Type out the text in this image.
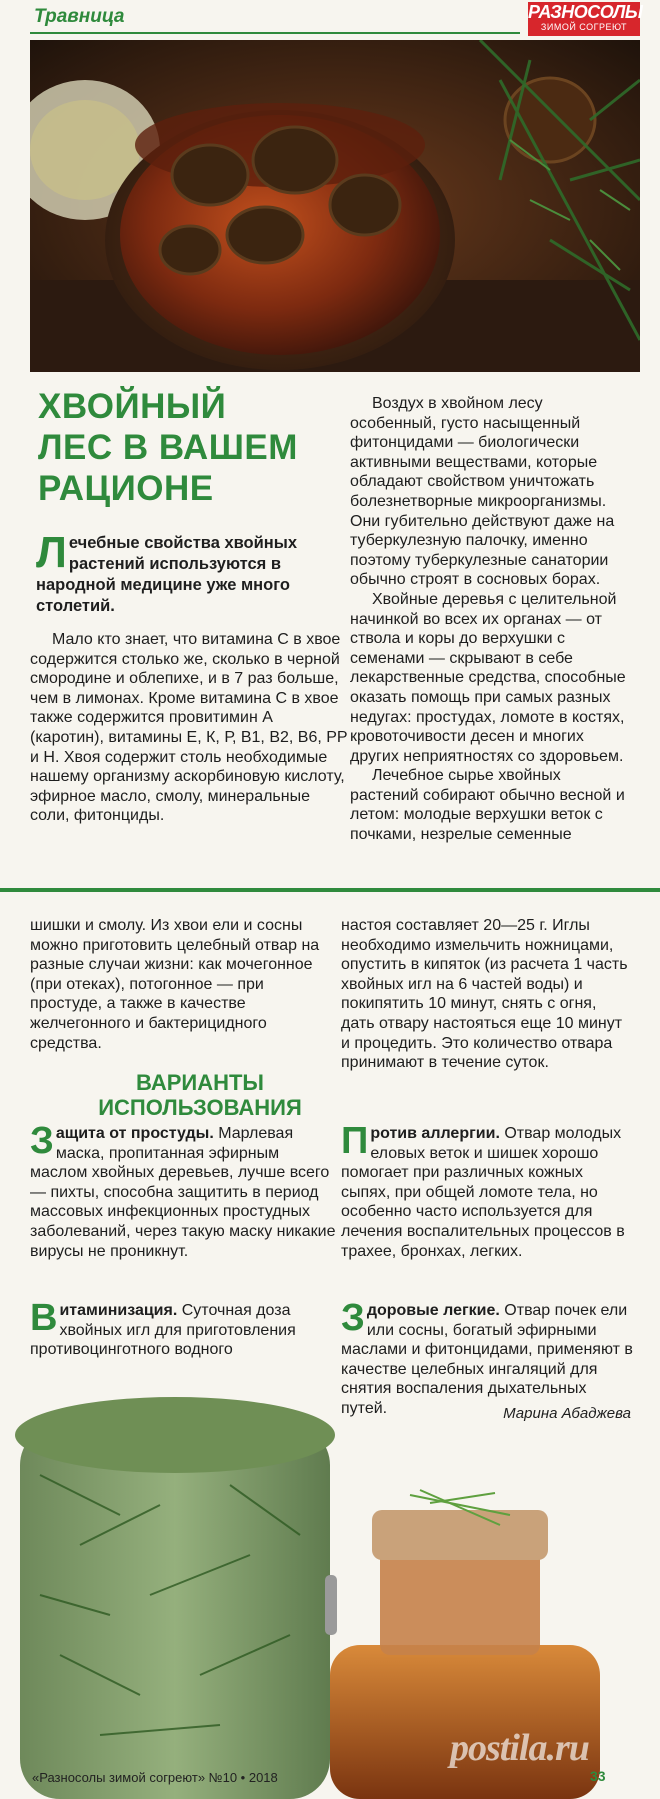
Травница	РАЗНОСОЛЫ
ЗИМОЙ СОГРЕЮТ
ХВОЙНЫЙ
ЛЕС В ВАШЕМ
РАЦИОНЕ
Лечебные свойства хвойных растений используются в народной медицине уже много столетий.

Мало кто знает, что витамина С в хвое содержится столько же, сколько в черной смородине и облепихе, и в 7 раз больше, чем в лимонах. Кроме витамина С в хвое также содержится провитимин А (каротин), витамины Е, К, Р, В1, В2, В6, РР и Н. Хвоя содержит столь необходимые нашему организму аскорбиновую кислоту, эфирное масло, смолу, минеральные соли, фитонциды.

Воздух в хвойном лесу особенный, густо насыщенный фитонцидами — биологически активными веществами, которые обладают свойством уничтожать болезнетворные микроорганизмы. Они губительно действуют даже на туберкулезную палочку, именно поэтому туберкулезные санатории обычно строят в сосновых борах.

Хвойные деревья с целительной начинкой во всех их органах — от ствола и коры до верхушки с семенами — скрывают в себе лекарственные средства, способные оказать помощь при самых разных недугах: простудах, ломоте в костях, кровоточивости десен и многих других неприятностях со здоровьем.

Лечебное сырье хвойных растений собирают обычно весной и летом: молодые верхушки веток с почками, незрелые семенные

шишки и смолу. Из хвои ели и сосны можно приготовить целебный отвар на разные случаи жизни: как мочегонное (при отеках), потогонное — при простуде, а также в качестве желчегонного и бактерицидного средства.

настоя составляет 20—25 г. Иглы необходимо измельчить ножницами, опустить в кипяток (из расчета 1 часть хвойных игл на 6 частей воды) и покипятить 10 минут, снять с огня, дать отвару настояться еще 10 минут и процедить. Это количество отвара принимают в течение суток.

ВАРИАНТЫ ИСПОЛЬЗОВАНИЯ
Защита от простуды. Марлевая маска, пропитанная эфирным маслом хвойных деревьев, лучше всего — пихты, способна защитить в период массовых инфекционных простудных заболеваний, через такую маску никакие вирусы не проникнут.
Против аллергии. Отвар молодых еловых веток и шишек хорошо помогает при различных кожных сыпях, при общей ломоте тела, но особенно часто используется для лечения воспалительных процессов в трахее, бронхах, легких.
Витаминизация. Суточная доза хвойных игл для приготовления противоцинготного водного
Здоровые легкие. Отвар почек ели или сосны, богатый эфирными маслами и фитонцидами, применяют в качестве целебных ингаляций для снятия воспаления дыхательных путей.	Марина Абаджева
postila.ru
«Разносолы зимой согреют» №10 • 2018	33
